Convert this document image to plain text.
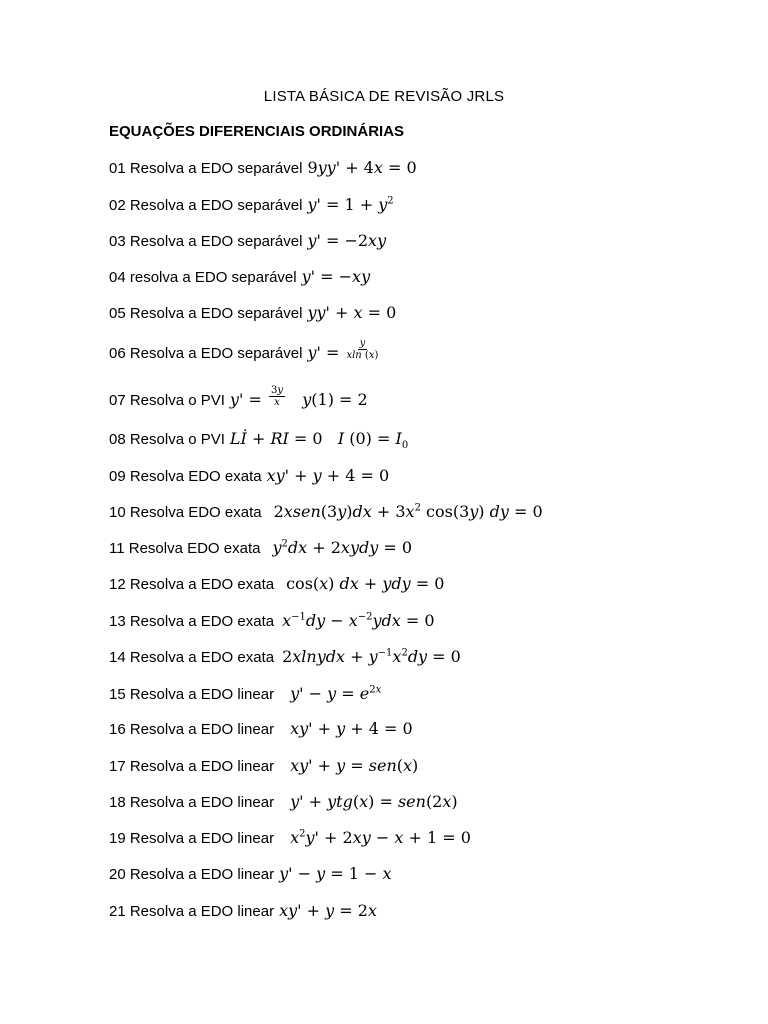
LISTA BÁSICA DE REVISÃO JRLS
EQUAÇÕES DIFERENCIAIS ORDINÁRIAS
01 Resolva a EDO separável 9yy' + 4x = 0
02 Resolva a EDO separável $y' = 1 + y^2$
03 Resolva a EDO separável y' = −2xy
04 resolva a EDO separável y' = −xy
05 Resolva a EDO separável yy' + x = 0
06 Resolva a EDO separável $y' = \frac{y}{xln (x)}$
07 Resolva o PVI $y' = \frac{3y}{x} y(1) = 2$
08 Resolva o PVI Lİ + RI = 0   I $(0) = I_0$
09 Resolva EDO exata xy' + y + 4 = 0
10 Resolva EDO exata 2xsen(3y)dx + $3x^2$ cos(3y) dy = 0
11 Resolva EDO exata $y^2dx$ + 2xydy = 0
12 Resolva a EDO exata cos(x) dx + ydy = 0
13 Resolva a EDO exata $x^{-1}dy - x^{-2}ydx = 0$
14 Resolva a EDO exata 2xlnydx + $y^{-1}x^2dy = 0$
15 Resolva a EDO linear $y' - y = e^{2x}$
16 Resolva a EDO linear xy' + y + 4 = 0
17 Resolva a EDO linear xy' + y = sen(x)
18 Resolva a EDO linear y' + ytg(x) = sen(2x)
19 Resolva a EDO linear $x^2y' + 2xy - x + 1 = 0$
20 Resolva a EDO linear y' − y = 1 − x
21 Resolva a EDO linear xy' + y = 2x
